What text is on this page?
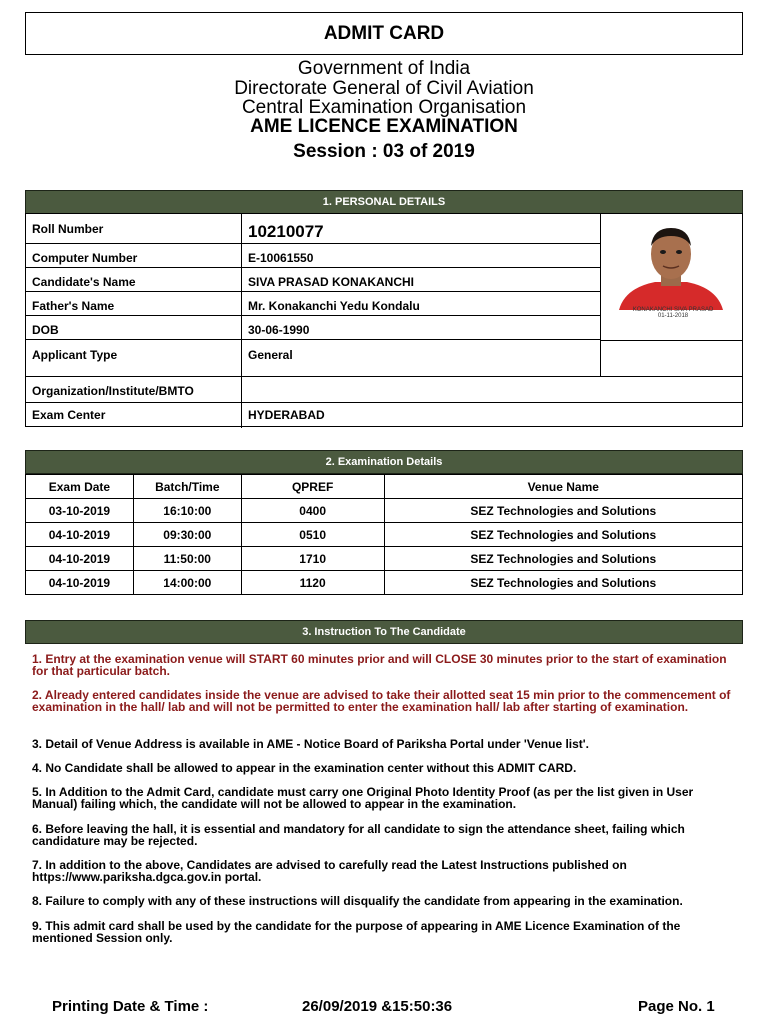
ADMIT CARD
Government of India
Directorate General of Civil Aviation
Central Examination Organisation
AME LICENCE EXAMINATION
Session : 03 of 2019
1. PERSONAL DETAILS
Roll Number	10210077
Computer Number	E-10061550
Candidate's Name	SIVA PRASAD KONAKANCHI
Father's Name	Mr. Konakanchi Yedu Kondalu
DOB	30-06-1990
Applicant Type	General
Organization/Institute/BMTO
Exam Center	HYDERABAD
KONAKANCHI SIVA PRASAD
01-11-2018
2. Examination Details
Exam Date	Batch/Time	QPREF	Venue Name
03-10-2019	16:10:00	0400	SEZ Technologies and Solutions
04-10-2019	09:30:00	0510	SEZ Technologies and Solutions
04-10-2019	11:50:00	1710	SEZ Technologies and Solutions
04-10-2019	14:00:00	1120	SEZ Technologies and Solutions
3. Instruction To The Candidate
1. Entry at the examination venue will START 60 minutes prior and will CLOSE 30 minutes prior to the start of examination for that particular batch.
2. Already entered candidates inside the venue are advised to take their allotted seat 15 min prior to the commencement of examination in the hall/ lab and will not be permitted to enter the examination hall/ lab after starting of examination.
3. Detail of Venue Address is available in AME - Notice Board of Pariksha Portal under 'Venue list'.
4. No Candidate shall be allowed to appear in the examination center without this ADMIT CARD.
5. In Addition to the Admit Card, candidate must carry one Original Photo Identity Proof (as per the list given in User Manual) failing which, the candidate will not be allowed to appear in the examination.
6. Before leaving the hall, it is essential and mandatory for all candidate to sign the attendance sheet, failing which candidature may be rejected.
7. In addition to the above, Candidates are advised to carefully read the Latest Instructions published on https://www.pariksha.dgca.gov.in portal.
8. Failure to comply with any of these instructions will disqualify the candidate from appearing in the examination.
9. This admit card shall be used by the candidate for the purpose of appearing in AME Licence Examination of the mentioned Session only.
Printing Date & Time :	26/09/2019 &15:50:36	Page No. 1
